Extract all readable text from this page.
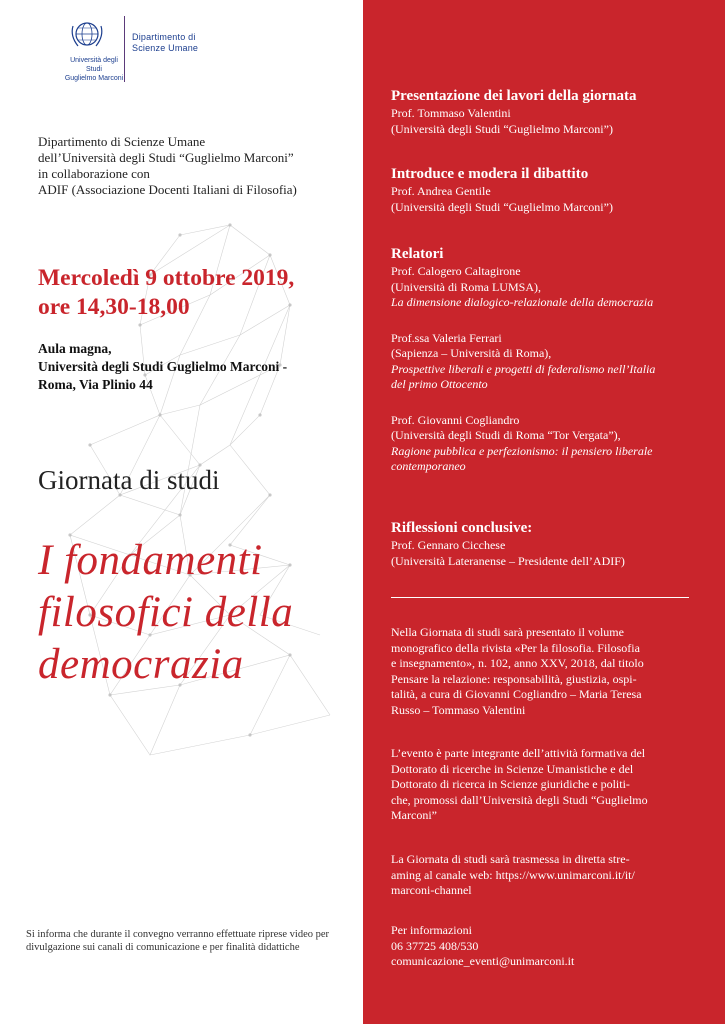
Università degli Studi
Guglielmo Marconi
Dipartimento di
Scienze Umane
Dipartimento di Scienze Umane
dell’Università degli Studi “Guglielmo Marconi”
in collaborazione con
ADIF (Associazione Docenti Italiani di Filosofia)
Mercoledì 9 ottobre 2019,
ore 14,30-18,00
Aula magna,
Università degli Studi Guglielmo Marconi -
Roma, Via Plinio 44
Giornata di studi
I fondamenti
filosofici della
democrazia
Si informa che durante il convegno verranno effettuate riprese video per divulgazione sui canali di comunicazione e per finalità didattiche
Presentazione dei lavori della giornata
Prof. Tommaso Valentini
(Università degli Studi “Guglielmo Marconi”)
Introduce e modera il dibattito
Prof. Andrea Gentile
(Università degli Studi “Guglielmo Marconi”)
Relatori
Prof. Calogero Caltagirone
(Università di Roma LUMSA),
La dimensione dialogico-relazionale della democrazia
Prof.ssa Valeria Ferrari
(Sapienza – Università di Roma),
Prospettive liberali e progetti di federalismo nell’Italia
del primo Ottocento
Prof. Giovanni Cogliandro
(Università degli Studi di Roma “Tor Vergata”),
Ragione pubblica e perfezionismo: il pensiero liberale
contemporaneo
Riflessioni conclusive:
Prof. Gennaro Cicchese
(Università Lateranense – Presidente dell’ADIF)
Nella Giornata di studi sarà presentato il volume
monografico della rivista «Per la filosofia. Filosofia
e insegnamento», n. 102, anno XXV, 2018, dal titolo
Pensare la relazione: responsabilità, giustizia, ospi-
talità, a cura di Giovanni Cogliandro – Maria Teresa
Russo – Tommaso Valentini
L’evento è parte integrante dell’attività formativa del
Dottorato di ricerche in Scienze Umanistiche e del
Dottorato di ricerca in Scienze giuridiche e politi-
che, promossi dall’Università degli Studi “Guglielmo
Marconi”
La Giornata di studi sarà trasmessa in diretta stre-
aming al canale web: https://www.unimarconi.it/it/
marconi-channel
Per informazioni
06 37725 408/530
comunicazione_eventi@unimarconi.it
